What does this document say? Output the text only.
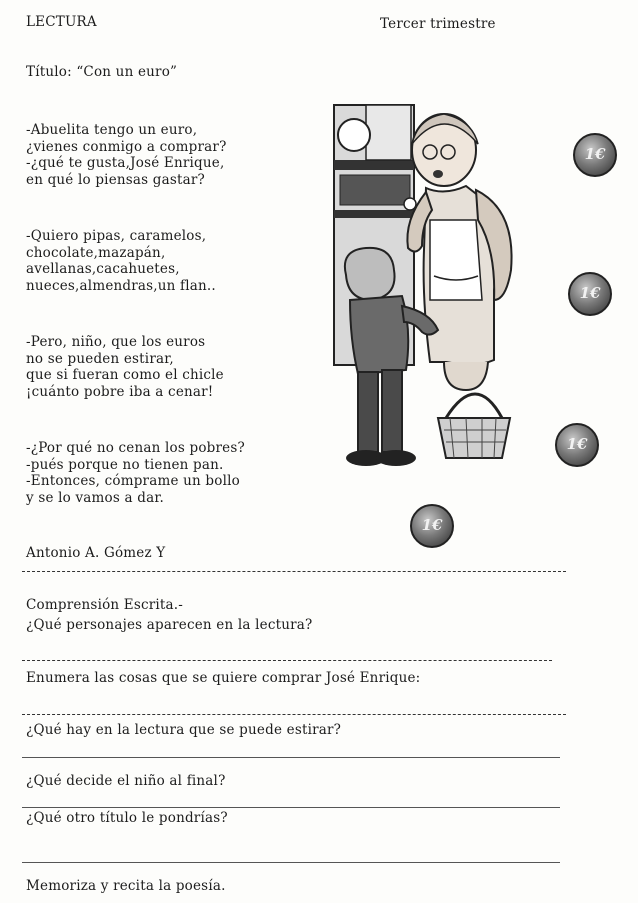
LECTURA	Tercer trimestre
Título: “Con un euro”
-Abuelita tengo un euro,
¿vienes conmigo a comprar?
-¿qué te gusta,José Enrique,
en qué lo piensas gastar?
-Quiero pipas, caramelos,
chocolate,mazapán,
avellanas,cacahuetes,
nueces,almendras,un flan..
-Pero, niño, que los euros
no se pueden estirar,
que si fueran como el chicle
¡cuánto pobre iba a cenar!
-¿Por qué no cenan los pobres?
-pués porque no tienen pan.
-Entonces, cómprame un bollo
y se lo vamos a dar.
1€
1€
1€
1€
Antonio A. Gómez Y
Comprensión Escrita.-
¿Qué personajes aparecen en la lectura?
Enumera las cosas que se quiere comprar José Enrique:
¿Qué hay en la lectura que se puede estirar?
¿Qué decide el niño al final?
¿Qué otro título le pondrías?
Memoriza y recita la poesía.
